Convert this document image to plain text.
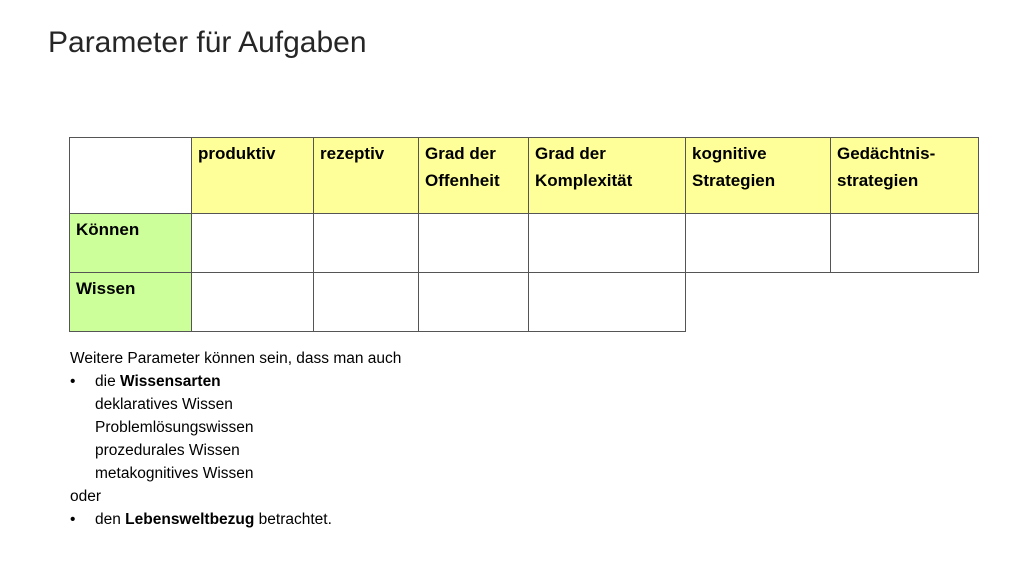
Parameter für Aufgaben
	produktiv	rezeptiv	Grad der Offenheit	Grad der Komplexität	kognitive Strategien	Gedächtnis-strategien
Können						
Wissen						

Weitere Parameter können sein, dass man auch

• die Wissensarten

deklaratives Wissen

Problemlösungswissen

prozedurales Wissen

metakognitives Wissen

oder

• den Lebensweltbezug betrachtet.
